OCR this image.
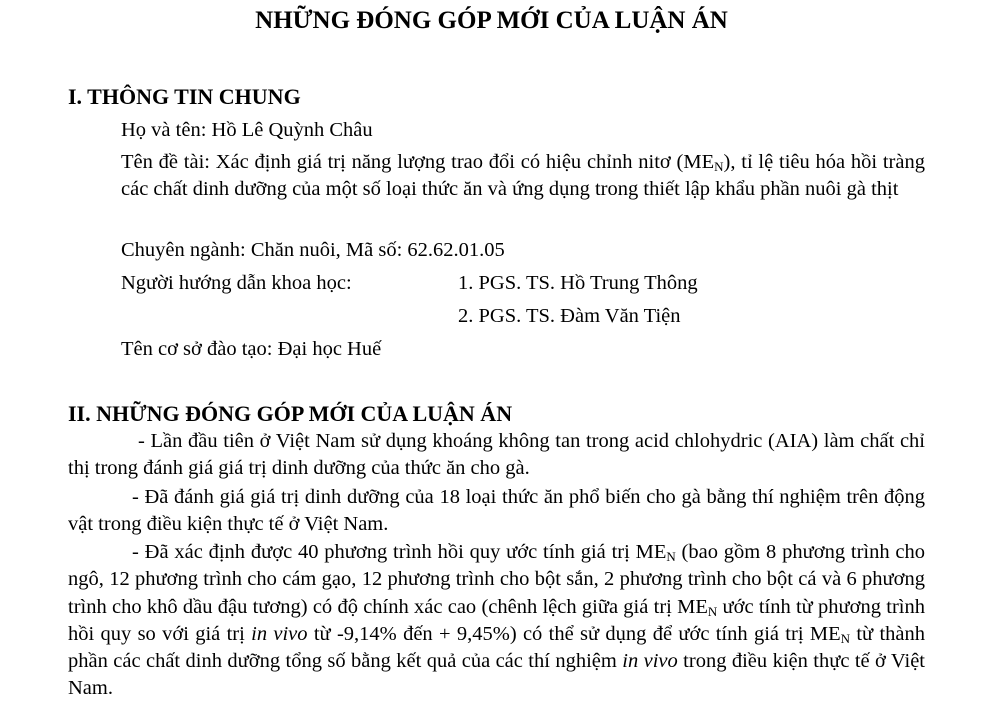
NHỮNG ĐÓNG GÓP MỚI CỦA LUẬN ÁN
I. THÔNG TIN CHUNG
Họ và tên: Hồ Lê Quỳnh Châu
Tên đề tài: Xác định giá trị năng lượng trao đổi có hiệu chỉnh nitơ $(ME_N)$, tỉ lệ tiêu hóa hồi tràng các chất dinh dưỡng của một số loại thức ăn và ứng dụng trong thiết lập khẩu phần nuôi gà thịt
Chuyên ngành: Chăn nuôi, Mã số: 62.62.01.05
Người hướng dẫn khoa học:	1. PGS. TS. Hồ Trung Thông
2. PGS. TS. Đàm Văn Tiện
Tên cơ sở đào tạo: Đại học Huế
II. NHỮNG ĐÓNG GÓP MỚI CỦA LUẬN ÁN
- Lần đầu tiên ở Việt Nam sử dụng khoáng không tan trong acid chlohydric (AIA) làm chất chỉ thị trong đánh giá giá trị dinh dưỡng của thức ăn cho gà.
- Đã đánh giá giá trị dinh dưỡng của 18 loại thức ăn phổ biến cho gà bằng thí nghiệm trên động vật trong điều kiện thực tế ở Việt Nam.
- Đã xác định được 40 phương trình hồi quy ước tính giá trị $ME_N$ (bao gồm 8 phương trình cho ngô, 12 phương trình cho cám gạo, 12 phương trình cho bột sắn, 2 phương trình cho bột cá và 6 phương trình cho khô dầu đậu tương) có độ chính xác cao (chênh lệch giữa giá trị $ME_N$ ước tính từ phương trình hồi quy so với giá trị in vivo từ -9,14% đến + 9,45%) có thể sử dụng để ước tính giá trị $ME_N$ từ thành phần các chất dinh dưỡng tổng số bằng kết quả của các thí nghiệm in vivo trong điều kiện thực tế ở Việt Nam.
